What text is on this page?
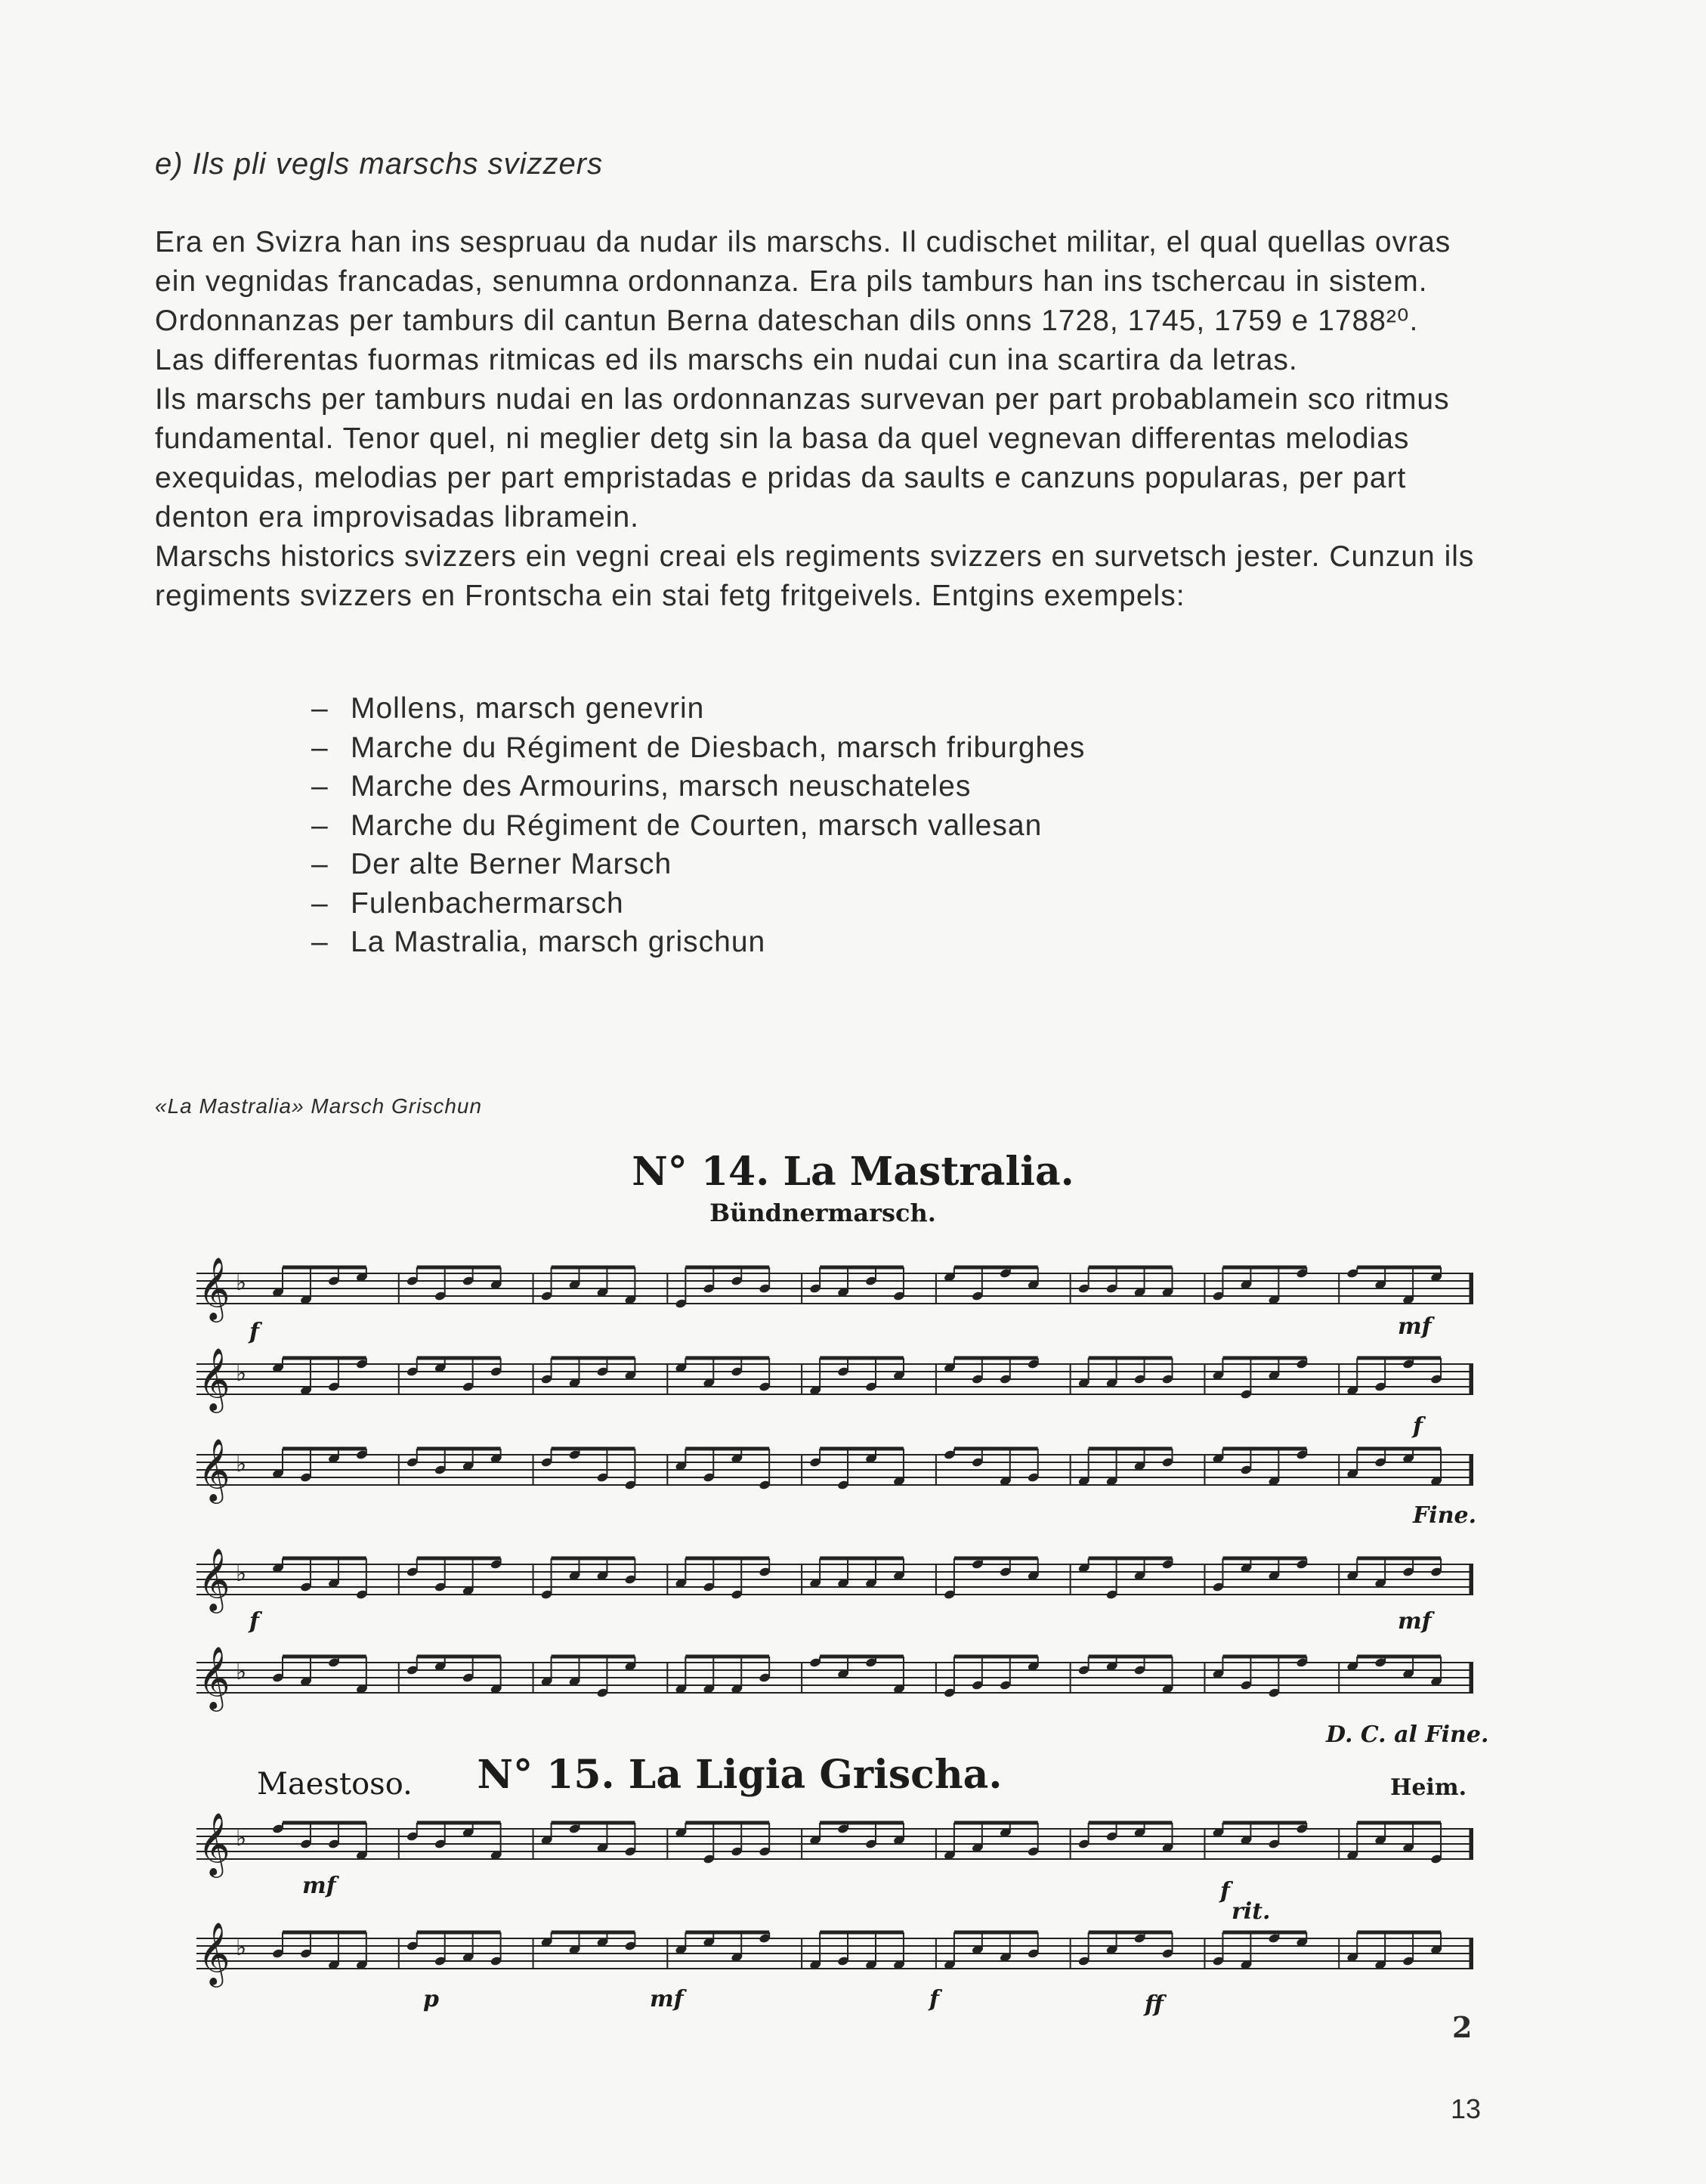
e) Ils pli vegls marschs svizzers

Era en Svizra han ins sespruau da nudar ils marschs. Il cudischet militar, el qual quellas ovras ein vegnidas francadas, senumna ordonnanza. Era pils tamburs han ins tschercau in sistem. Ordonnanzas per tamburs dil cantun Berna dateschan dils onns 1728, 1745, 1759 e 1788²⁰. Las differentas fuormas ritmicas ed ils marschs ein nudai cun ina scartira da letras.

Ils marschs per tamburs nudai en las ordonnanzas survevan per part probablamein sco ritmus fundamental. Tenor quel, ni meglier detg sin la basa da quel vegnevan differentas melodias exequidas, melodias per part empristadas e pridas da saults e canzuns popularas, per part denton era improvisadas libramein.

Marschs historics svizzers ein vegni creai els regiments svizzers en survetsch jester. Cunzun ils regiments svizzers en Frontscha ein stai fetg fritgeivels. Entgins exempels:

– Mollens, marsch genevrin
– Marche du Régiment de Diesbach, marsch friburghes
– Marche des Armourins, marsch neuschateles
– Marche du Régiment de Courten, marsch vallesan
– Der alte Berner Marsch
– Fulenbachermarsch
– La Mastralia, marsch grischun
«La Mastralia» Marsch Grischun
N° 14. La Mastralia.
Bündnermarsch.
𝄞 ♭
𝄞 ♭
𝄞 ♭
𝄞 ♭
𝄞 ♭
f	mf
f
Fine.
f	mf
D. C. al Fine.
N° 15. La Ligia Grischa.
Maestoso.	Heim.
𝄞 ♭
𝄞 ♭
mf	f
rit.
p	mf	f	ff
2
13
